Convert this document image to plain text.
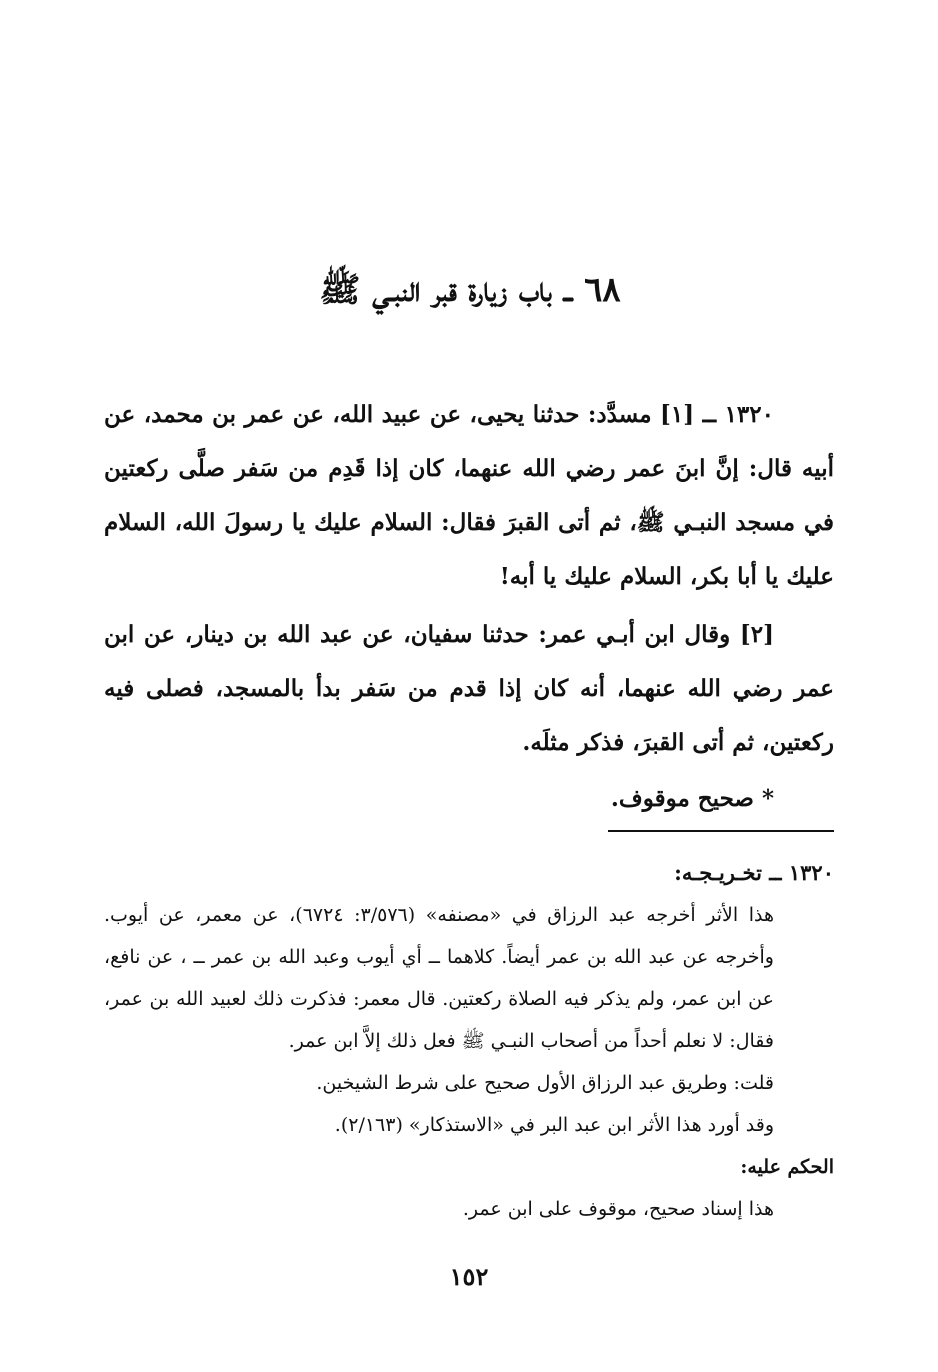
٦٨ ــ باب زيارة قبر النبـي ﷺ

١٣٢٠ ــ [١] مسدَّد: حدثنا يحيى، عن عبيد الله، عن عمر بن محمد، عن أبيه قال: إنَّ ابنَ عمر رضي الله عنهما، كان إذا قَدِم من سَفر صلَّى ركعتين في مسجد النبـي ﷺ، ثم أتى القبرَ فقال: السلام عليك يا رسولَ الله، السلام عليك يا أبا بكر، السلام عليك يا أبه!

[٢] وقال ابن أبـي عمر: حدثنا سفيان، عن عبد الله بن دينار، عن ابن عمر رضي الله عنهما، أنه كان إذا قدم من سَفر بدأ بالمسجد، فصلى فيه ركعتين، ثم أتى القبرَ، فذكر مثلَه.

* صحيح موقوف.

١٣٢٠ ــ تخـريـجـه:

هذا الأثر أخرجه عبد الرزاق في «مصنفه» (٣/٥٧٦: ٦٧٢٤)، عن معمر، عن أيوب. وأخرجه عن عبد الله بن عمر أيضاً. كلاهما ــ أي أيوب وعبد الله بن عمر ــ ، عن نافع، عن ابن عمر، ولم يذكر فيه الصلاة ركعتين. قال معمر: فذكرت ذلك لعبيد الله بن عمر، فقال: لا نعلم أحداً من أصحاب النبـي ﷺ فعل ذلك إلاَّ ابن عمر.

قلت: وطريق عبد الرزاق الأول صحيح على شرط الشيخين.

وقد أورد هذا الأثر ابن عبد البر في «الاستذكار» (٢/١٦٣).

الحكم عليه:

هذا إسناد صحيح، موقوف على ابن عمر.

١٥٢
